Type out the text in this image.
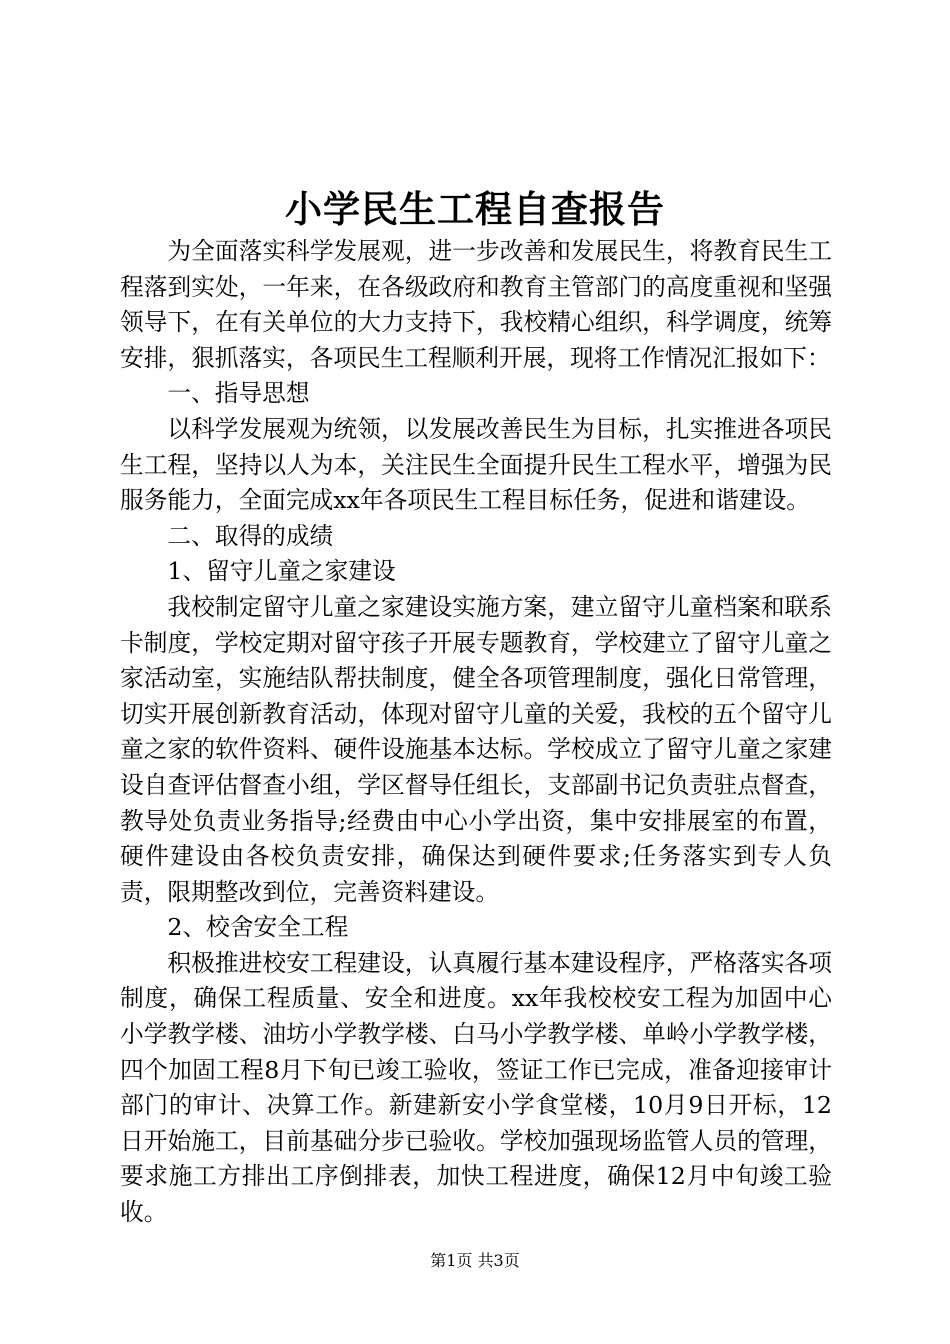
小学民生工程自查报告

为全面落实科学发展观，进一步改善和发展民生，将教育民生工程落到实处，一年来，在各级政府和教育主管部门的高度重视和坚强领导下，在有关单位的大力支持下，我校精心组织，科学调度，统筹安排，狠抓落实，各项民生工程顺利开展，现将工作情况汇报如下：

一、指导思想

以科学发展观为统领，以发展改善民生为目标，扎实推进各项民生工程，坚持以人为本，关注民生全面提升民生工程水平，增强为民服务能力，全面完成xx年各项民生工程目标任务，促进和谐建设。

二、取得的成绩

1、留守儿童之家建设

我校制定留守儿童之家建设实施方案，建立留守儿童档案和联系卡制度，学校定期对留守孩子开展专题教育，学校建立了留守儿童之家活动室，实施结队帮扶制度，健全各项管理制度，强化日常管理，切实开展创新教育活动，体现对留守儿童的关爱，我校的五个留守儿童之家的软件资料、硬件设施基本达标。学校成立了留守儿童之家建设自查评估督查小组，学区督导任组长，支部副书记负责驻点督查，教导处负责业务指导;经费由中心小学出资，集中安排展室的布置，硬件建设由各校负责安排，确保达到硬件要求;任务落实到专人负责，限期整改到位，完善资料建设。

2、校舍安全工程

积极推进校安工程建设，认真履行基本建设程序，严格落实各项制度，确保工程质量、安全和进度。xx年我校校安工程为加固中心小学教学楼、油坊小学教学楼、白马小学教学楼、单岭小学教学楼，四个加固工程8月下旬已竣工验收，签证工作已完成，准备迎接审计部门的审计、决算工作。新建新安小学食堂楼，10月9日开标，12日开始施工，目前基础分步已验收。学校加强现场监管人员的管理，要求施工方排出工序倒排表，加快工程进度，确保12月中旬竣工验收。

第1页 共3页
